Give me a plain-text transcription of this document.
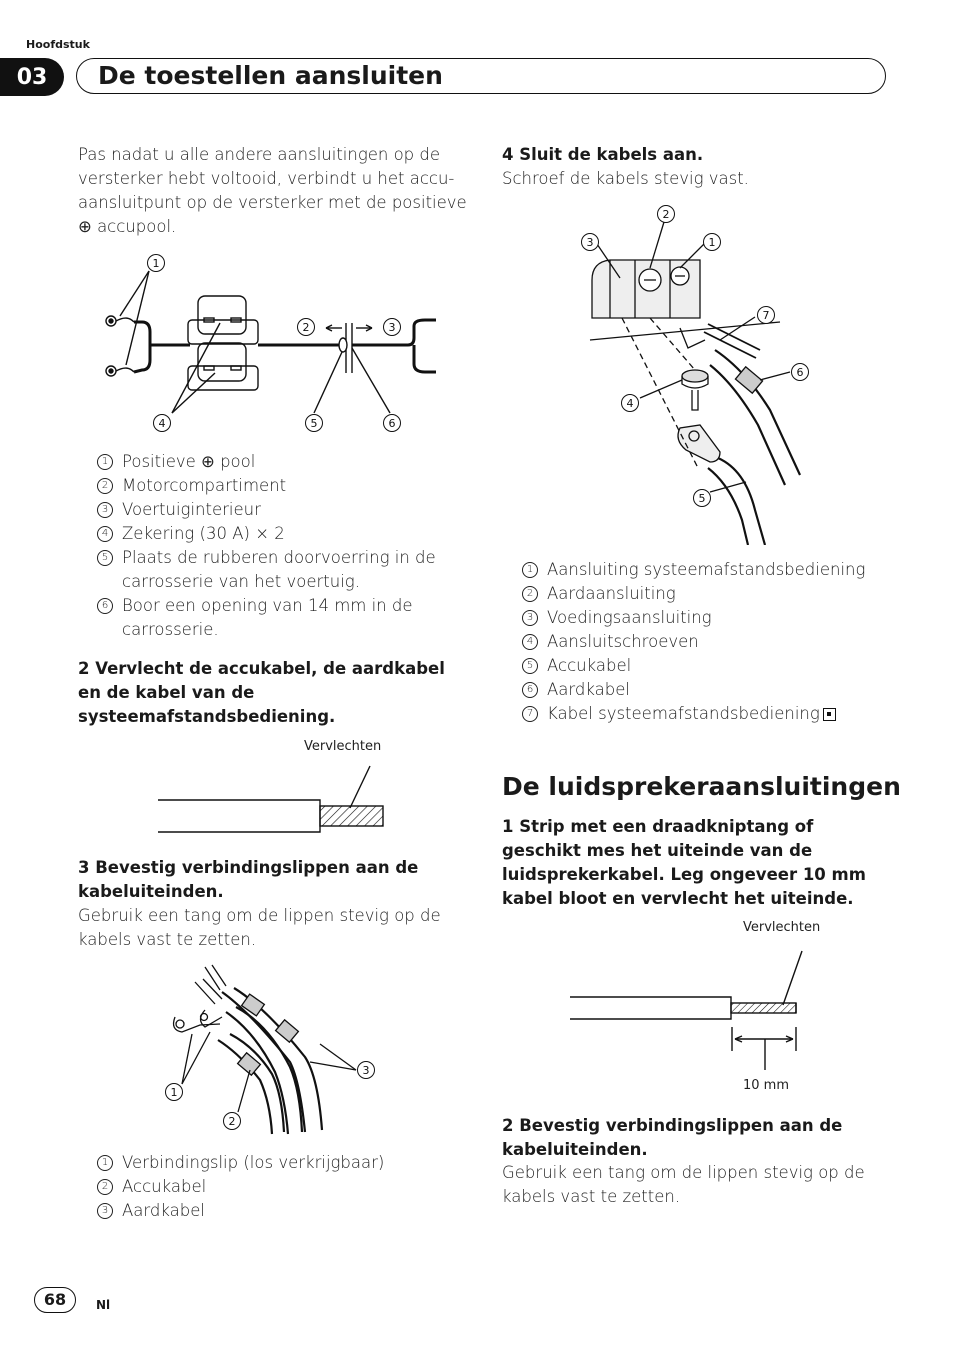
Hoofdstuk
03	De toestellen aansluiten
Pas nadat u alle andere aansluitingen op de versterker hebt voltooid, verbindt u het accu-aansluitpunt op de versterker met de positieve ⊕ accupool.
1
2	3
4	5	6
1 Positieve ⊕ pool
2 Motorcompartiment
3 Voertuiginterieur
4 Zekering (30 A) × 2
5 Plaats de rubberen doorvoerring in de carrosserie van het voertuig.
6 Boor een opening van 14 mm in de carrosserie.
2 Vervlecht de accukabel, de aardkabel en de kabel van de systeemafstandsbediening.
Vervlechten
3 Bevestig verbindingslippen aan de kabeluiteinden.
Gebruik een tang om de lippen stevig op de kabels vast te zetten.
1
2
3
1 Verbindingslip (los verkrijgbaar)
2 Accukabel
3 Aardkabel
4 Sluit de kabels aan.
Schroef de kabels stevig vast.
2
3	1
7
6
4
5
1 Aansluiting systeemafstandsbediening
2 Aardaansluiting
3 Voedingsaansluiting
4 Aansluitschroeven
5 Accukabel
6 Aardkabel
7 Kabel systeemafstandsbediening
De luidsprekeraansluitingen
1 Strip met een draadkniptang of geschikt mes het uiteinde van de luidsprekerkabel. Leg ongeveer 10 mm kabel bloot en vervlecht het uiteinde.
Vervlechten
10 mm
2 Bevestig verbindingslippen aan de kabeluiteinden.
Gebruik een tang om de lippen stevig op de kabels vast te zetten.
68	Nl
